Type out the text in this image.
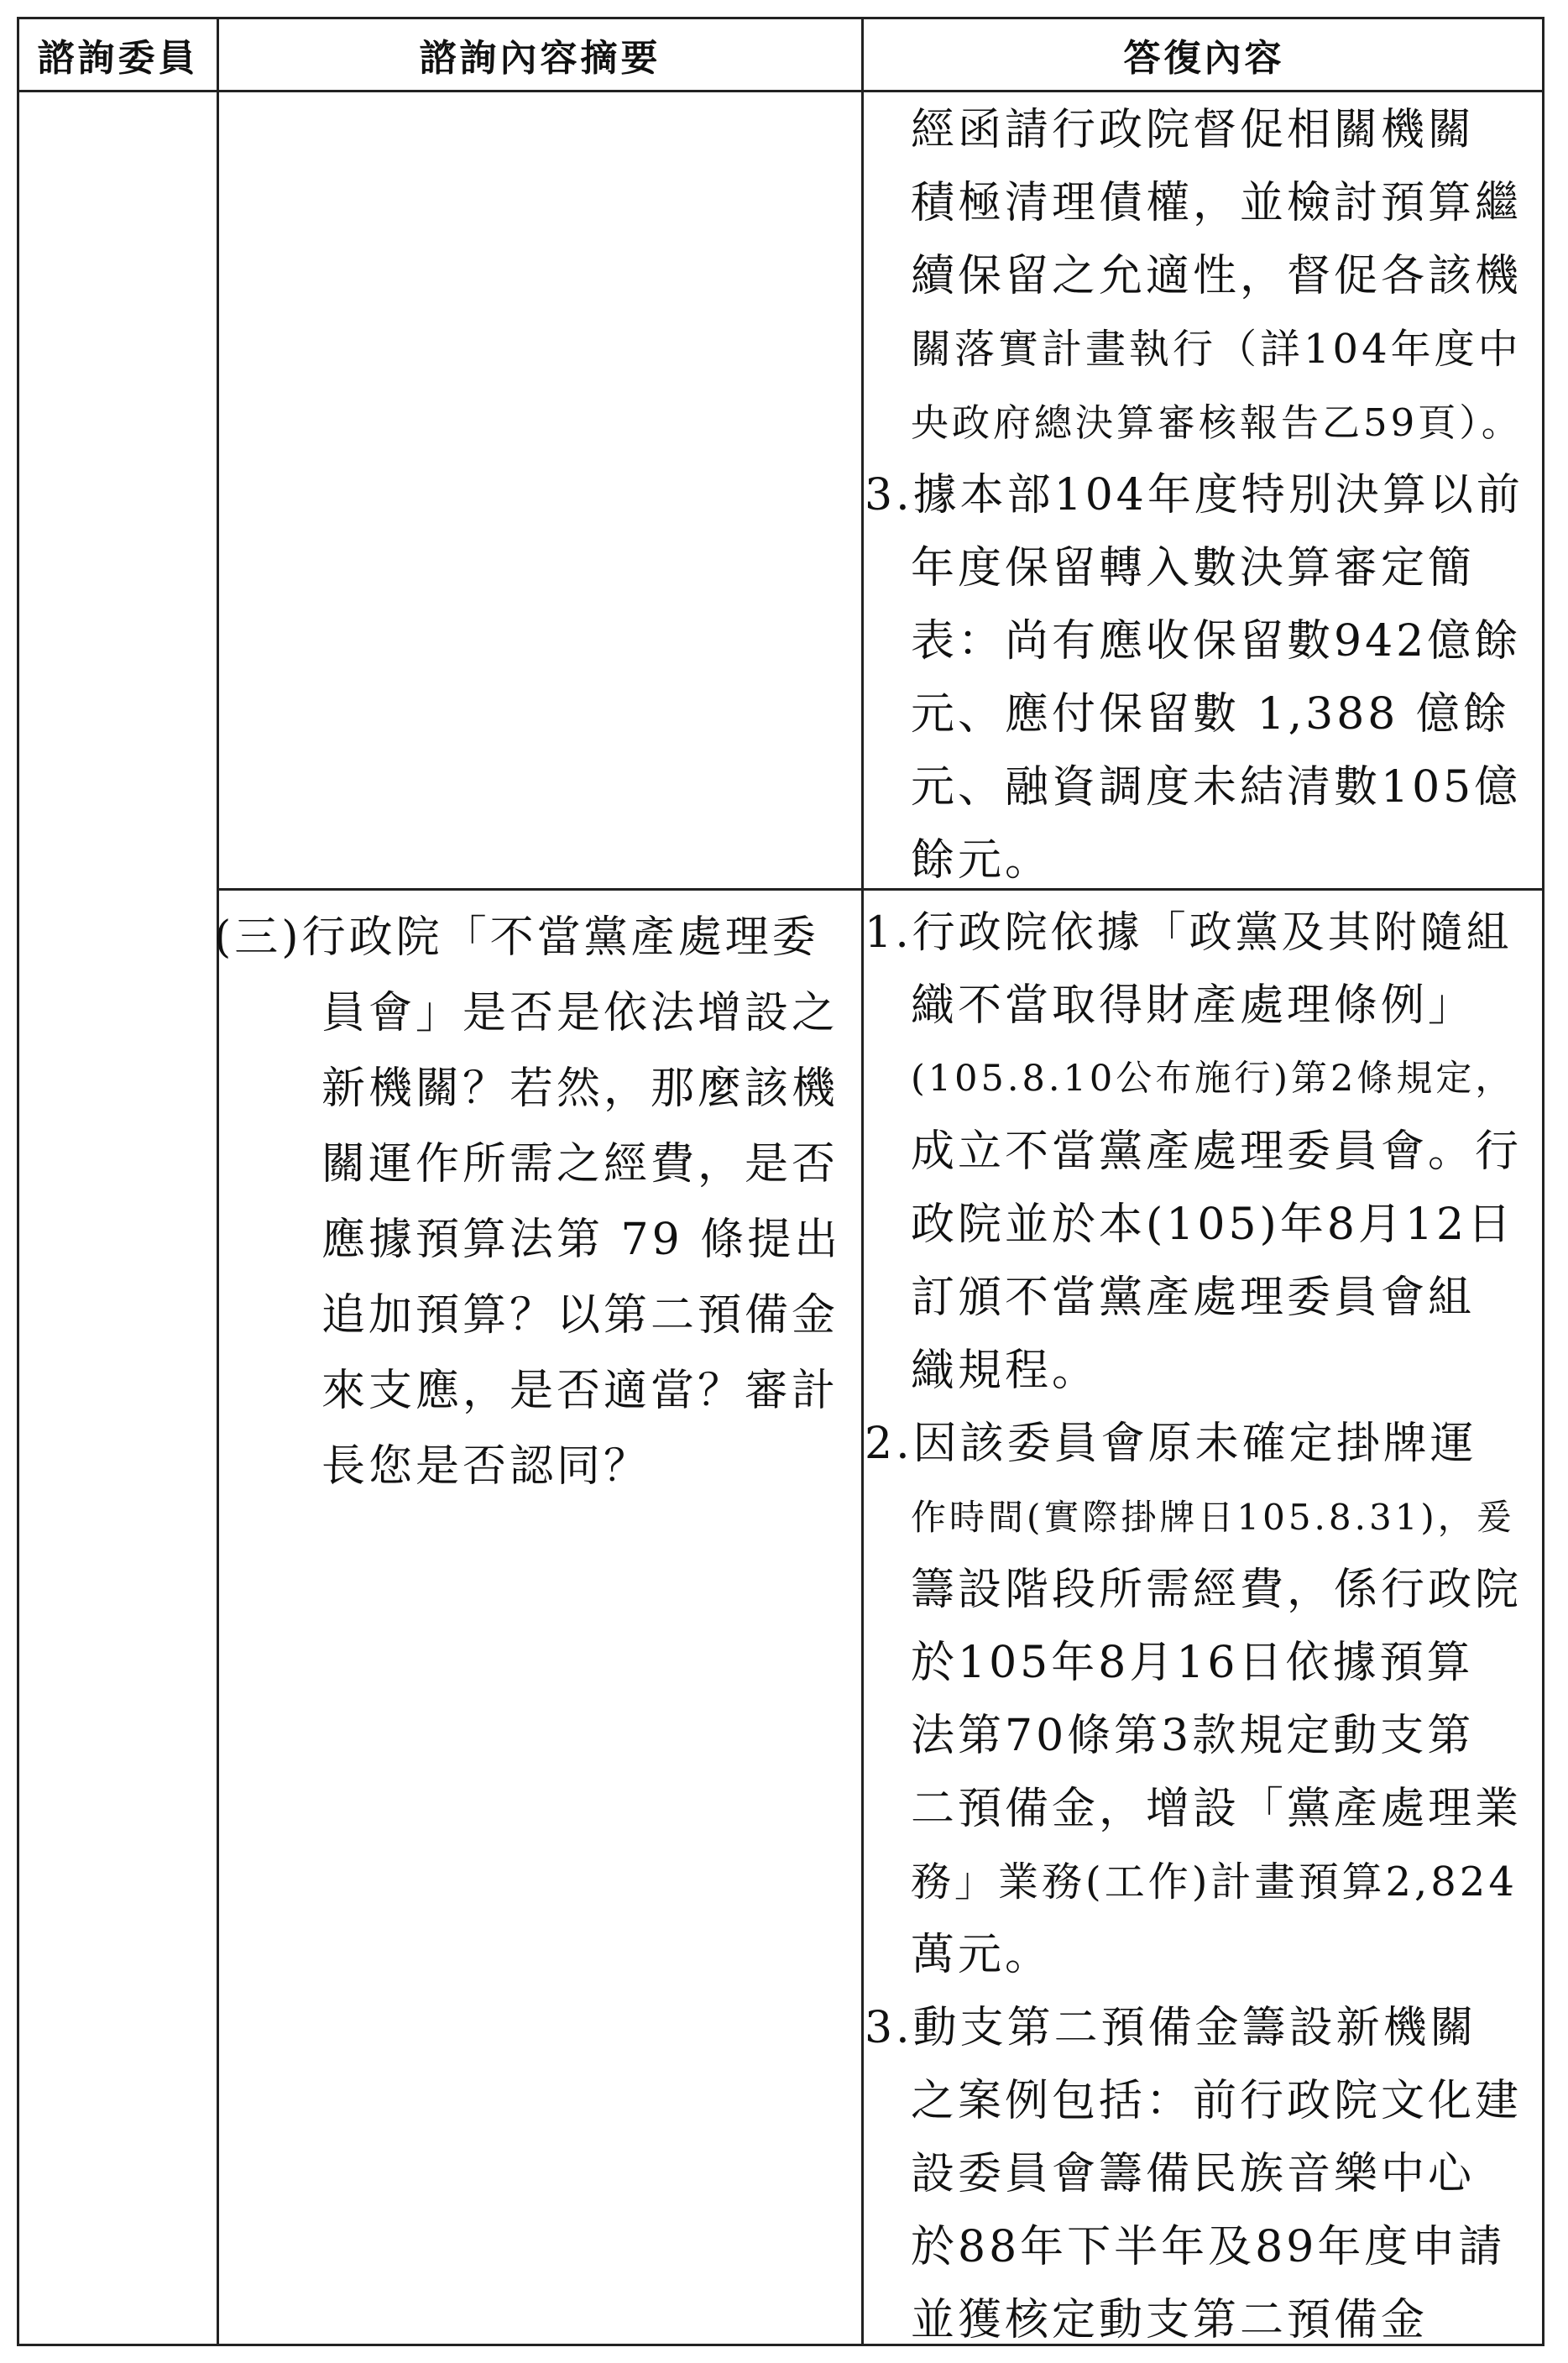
諮詢委員	諮詢內容摘要	答復內容
經函請行政院督促相關機關
積極清理債權，並檢討預算繼
續保留之允適性，督促各該機
關落實計畫執行（詳104年度中
央政府總決算審核報告乙59頁）。
3.據本部104年度特別決算以前
年度保留轉入數決算審定簡
表：尚有應收保留數942億餘
元、應付保留數 1,388 億餘
元、融資調度未結清數105億
餘元。
(三)行政院「不當黨產處理委
員會」是否是依法增設之
新機關？若然，那麼該機
關運作所需之經費，是否
應據預算法第 79 條提出
追加預算？以第二預備金
來支應，是否適當？審計
長您是否認同？
1.行政院依據「政黨及其附隨組
織不當取得財產處理條例」
(105.8.10公布施行)第2條規定，
成立不當黨產處理委員會。行
政院並於本(105)年8月12日
訂頒不當黨產處理委員會組
織規程。
2.因該委員會原未確定掛牌運
作時間(實際掛牌日105.8.31)，爰
籌設階段所需經費，係行政院
於105年8月16日依據預算
法第70條第3款規定動支第
二預備金，增設「黨產處理業
務」業務(工作)計畫預算2,824
萬元。
3.動支第二預備金籌設新機關
之案例包括：前行政院文化建
設委員會籌備民族音樂中心
於88年下半年及89年度申請
並獲核定動支第二預備金
